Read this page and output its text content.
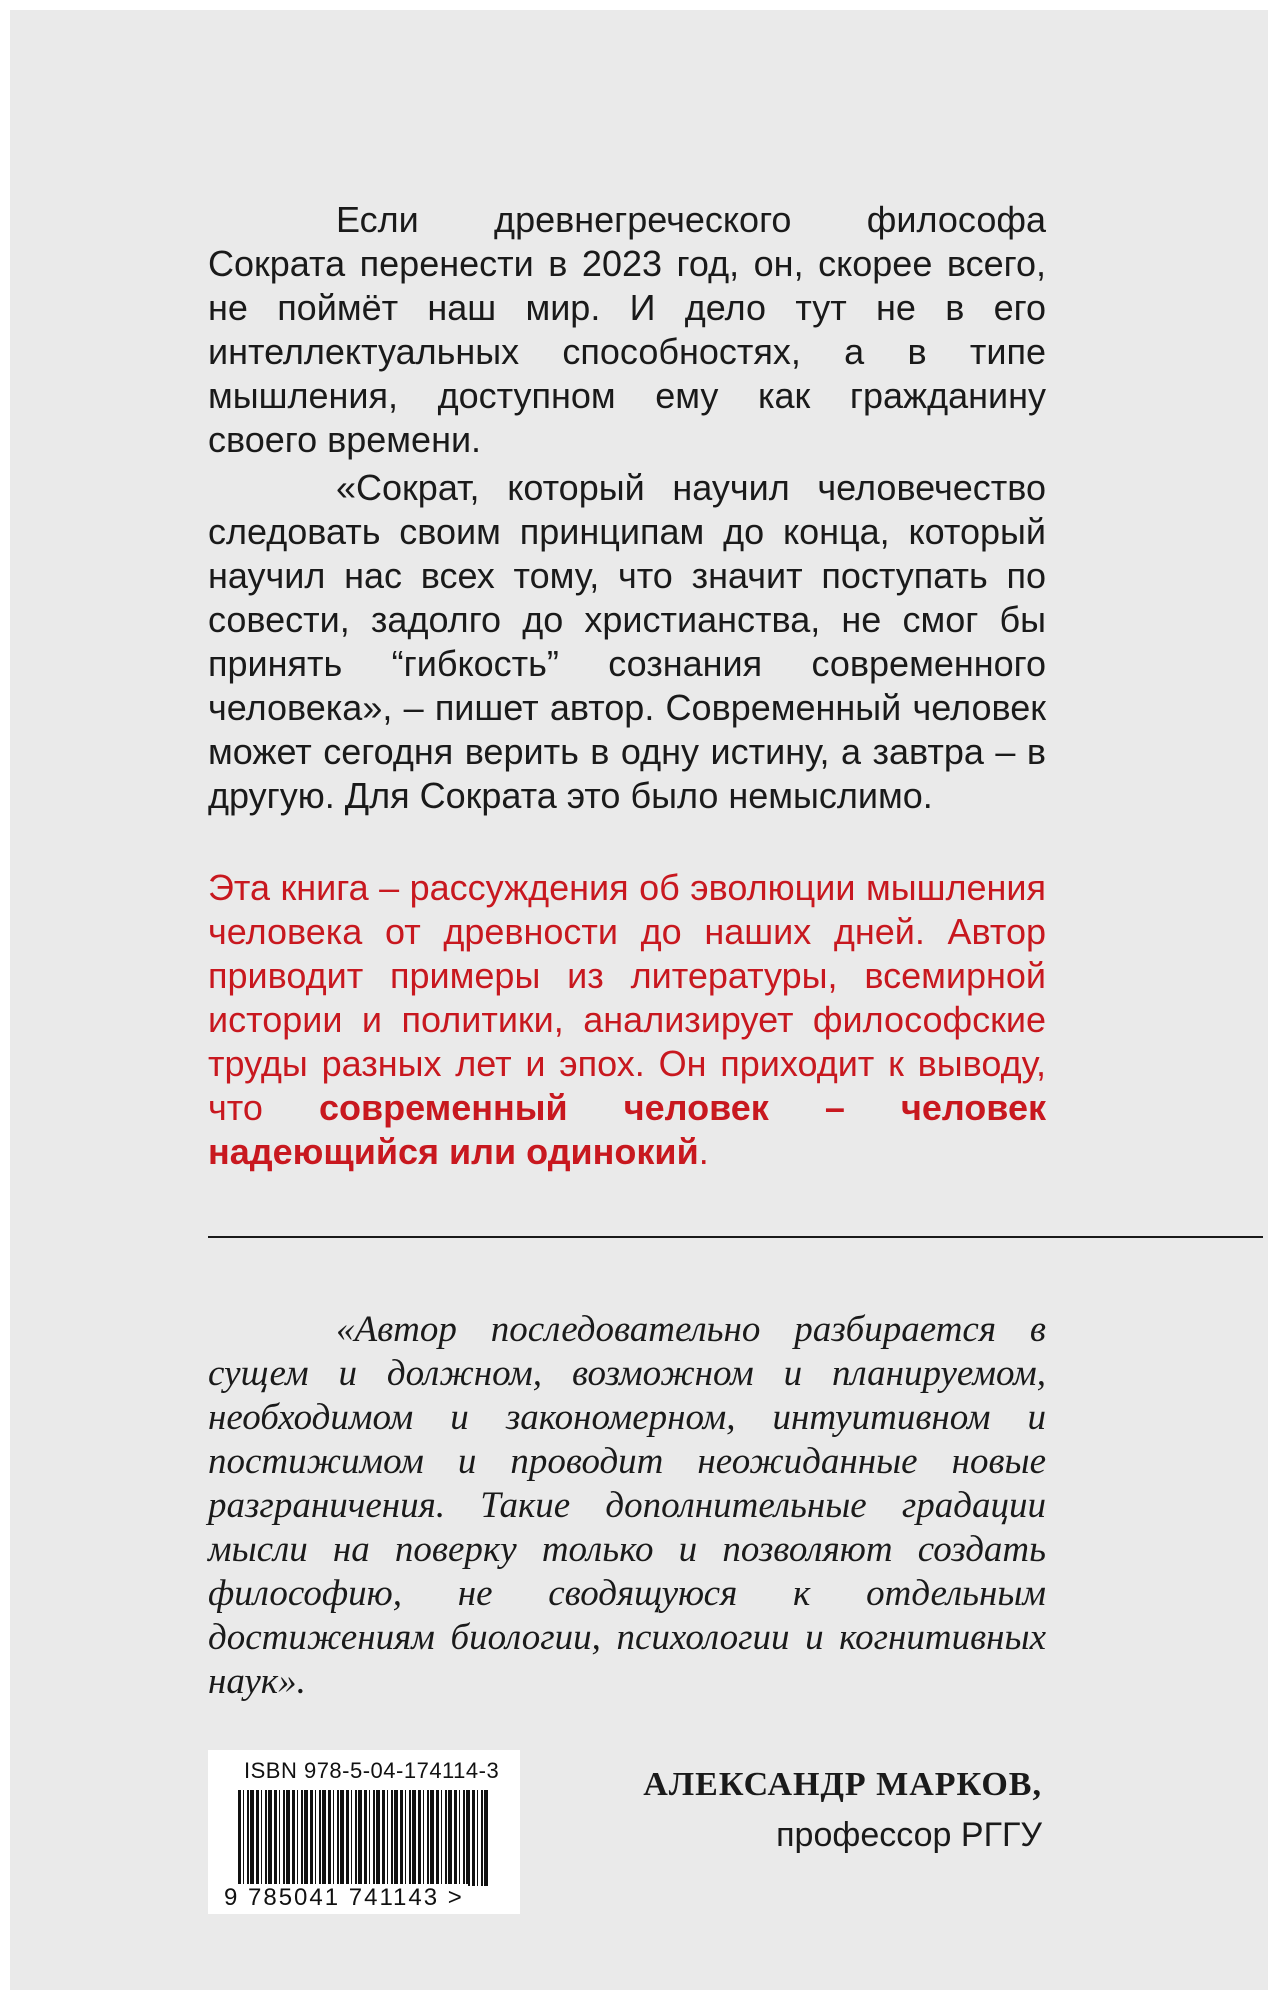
Если древнегреческого философа Сократа перенести в 2023 год, он, скорее всего, не поймёт наш мир. И дело тут не в его интеллектуальных способностях, а в типе мышления, доступном ему как гражданину своего времени.

«Сократ, который научил человечество следовать своим принципам до конца, который научил нас всех тому, что значит поступать по совести, задолго до христианства, не смог бы принять “гибкость” сознания современного человека», – пишет автор. Современный человек может сегодня верить в одну истину, а завтра – в другую. Для Сократа это было немыслимо.

Эта книга – рассуждения об эволюции мышления человека от древности до наших дней. Автор приводит примеры из литературы, всемирной истории и политики, анализирует философские труды разных лет и эпох. Он приходит к выводу, что современный человек – человек надеющийся или одинокий.

«Автор последовательно разбирается в сущем и должном, возможном и планируемом, необходимом и закономерном, интуитивном и постижимом и проводит неожиданные новые разграничения. Такие дополнительные градации мысли на поверку только и позволяют создать философию, не сводящуюся к отдельным достижениям биологии, психологии и когнитивных наук».

ISBN 978-5-04-174114-3
9 785041 741143 >
АЛЕКСАНДР МАРКОВ,
профессор РГГУ
